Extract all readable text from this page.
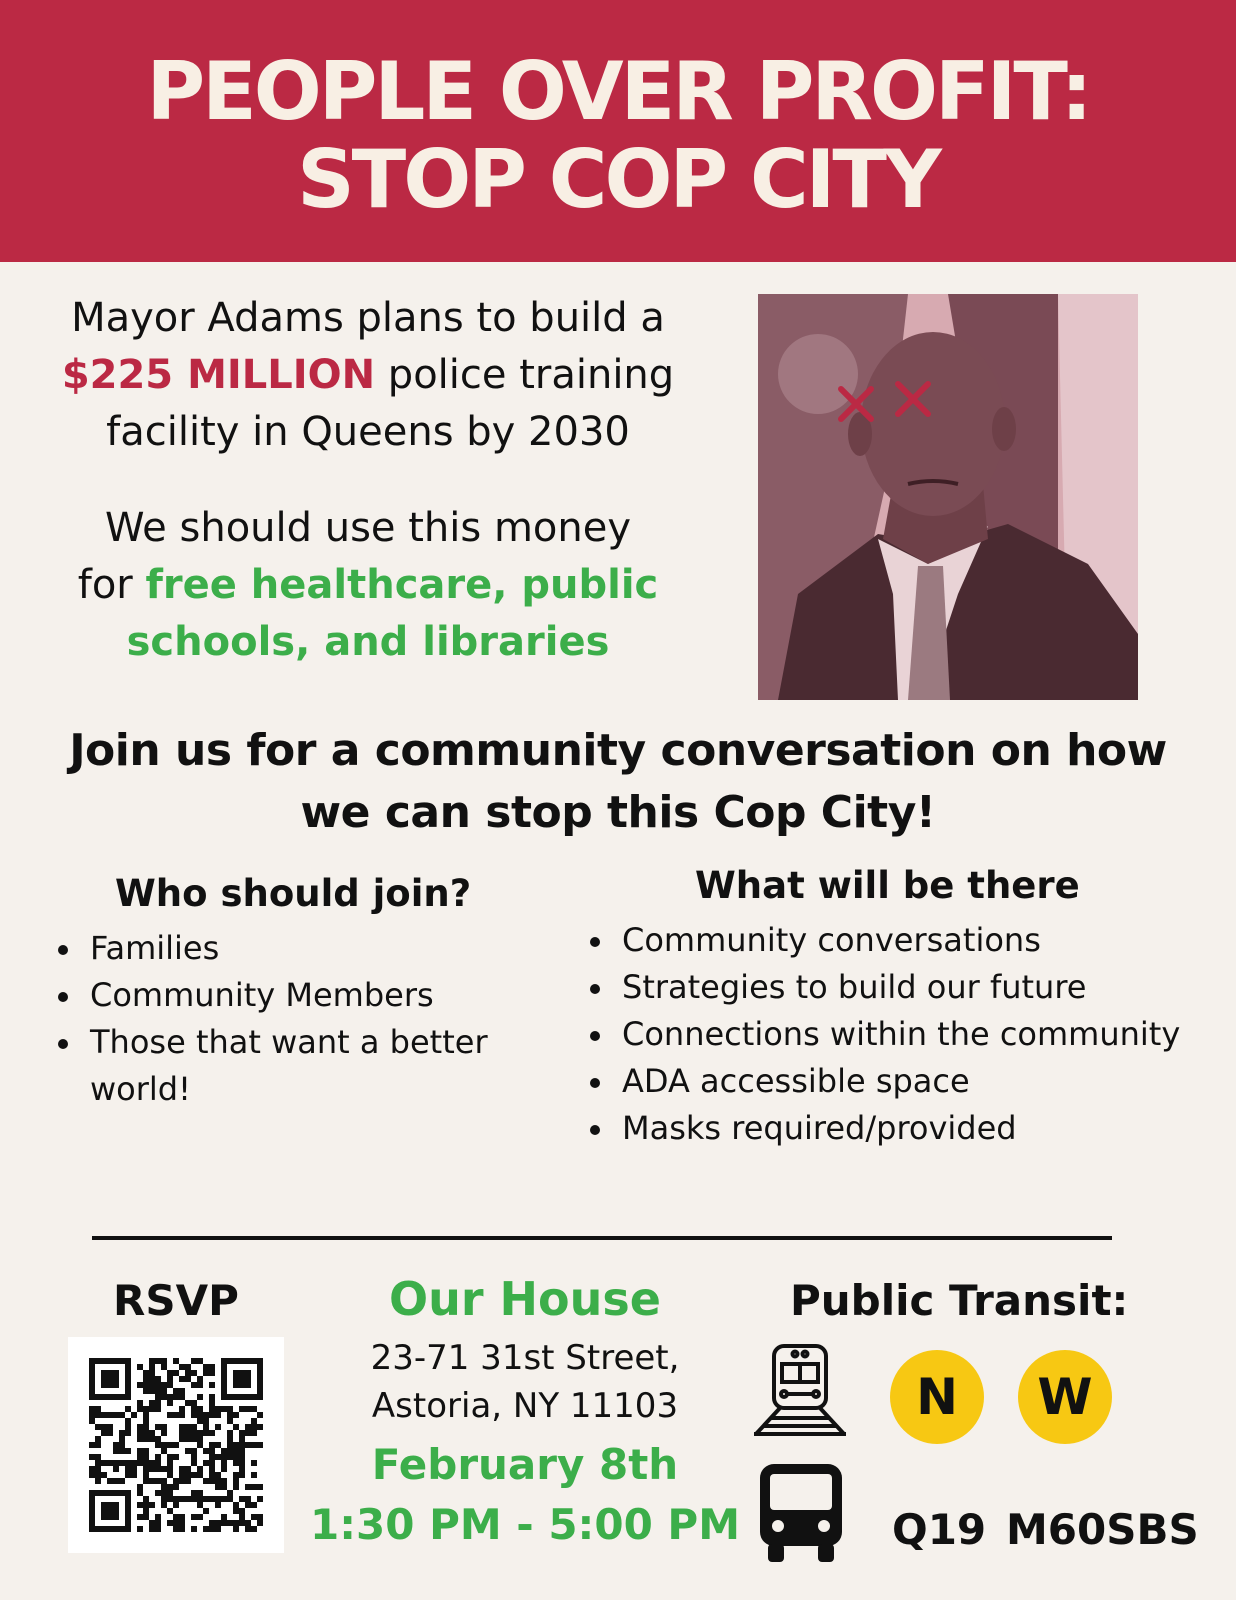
PEOPLE OVER PROFIT:
STOP COP CITY

Mayor Adams plans to build a
$225 MILLION police training
facility in Queens by 2030

We should use this money
for free healthcare, public
schools, and libraries

Join us for a community conversation on how
we can stop this Cop City!

Who should join?
Families
Community Members
Those that want a better world!
What will be there
Community conversations
Strategies to build our future
Connections within the community
ADA accessible space
Masks required/provided
RSVP	Our House

23-71 31st Street,

Astoria, NY 11103

February 8th

1:30 PM - 5:00 PM

Public Transit:
N	W

Q19 M60SBS
